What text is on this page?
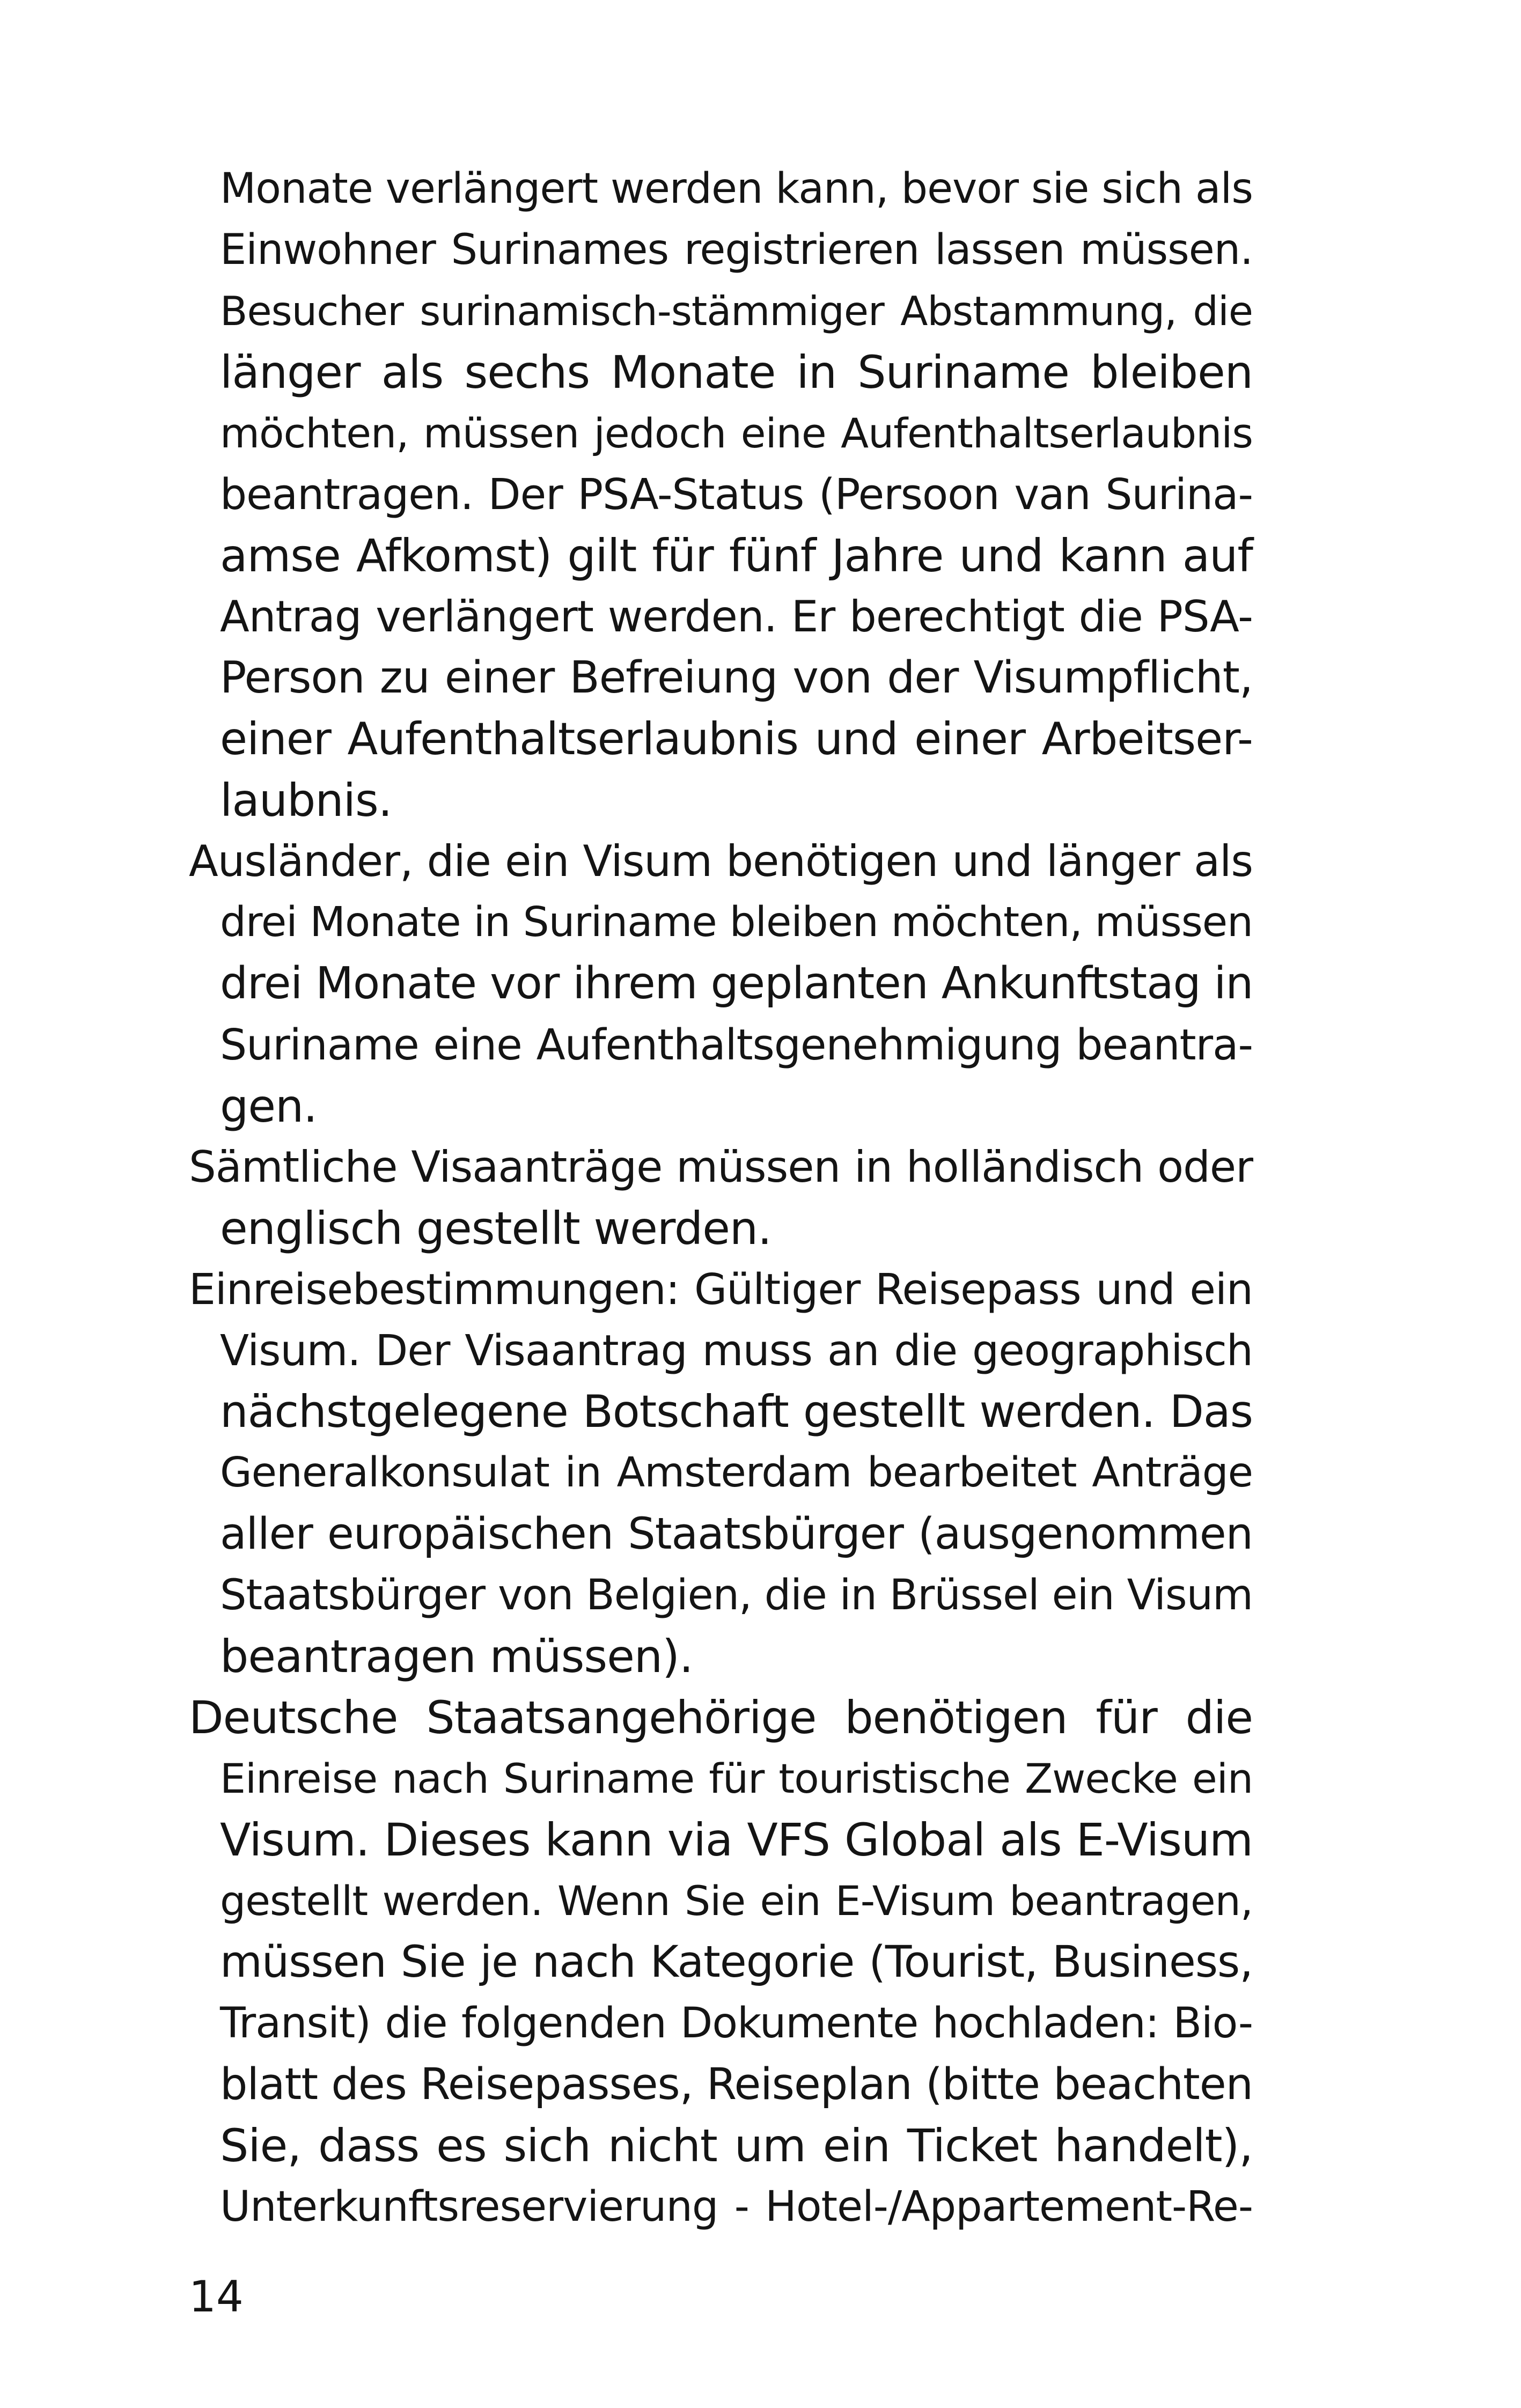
Monate verlängert werden kann, bevor sie sich als
Einwohner Surinames registrieren lassen müssen.
Besucher surinamisch-stämmiger Abstammung, die
länger als sechs Monate in Suriname bleiben
möchten, müssen jedoch eine Aufenthaltserlaubnis
beantragen. Der PSA-Status (Persoon van Surina-
amse Afkomst) gilt für fünf Jahre und kann auf
Antrag verlängert werden. Er berechtigt die PSA-
Person zu einer Befreiung von der Visumpflicht,
einer Aufenthaltserlaubnis und einer Arbeitser-
laubnis.
Ausländer, die ein Visum benötigen und länger als
drei Monate in Suriname bleiben möchten, müssen
drei Monate vor ihrem geplanten Ankunftstag in
Suriname eine Aufenthaltsgenehmigung beantra-
gen.
Sämtliche Visaanträge müssen in holländisch oder
englisch gestellt werden.
Einreisebestimmungen: Gültiger Reisepass und ein
Visum. Der Visaantrag muss an die geographisch
nächstgelegene Botschaft gestellt werden. Das
Generalkonsulat in Amsterdam bearbeitet Anträge
aller europäischen Staatsbürger (ausgenommen
Staatsbürger von Belgien, die in Brüssel ein Visum
beantragen müssen).
Deutsche Staatsangehörige benötigen für die
Einreise nach Suriname für touristische Zwecke ein
Visum. Dieses kann via VFS Global als E-Visum
gestellt werden. Wenn Sie ein E-Visum beantragen,
müssen Sie je nach Kategorie (Tourist, Business,
Transit) die folgenden Dokumente hochladen: Bio-
blatt des Reisepasses, Reiseplan (bitte beachten
Sie, dass es sich nicht um ein Ticket handelt),
Unterkunftsreservierung - Hotel-/Appartement-Re-
14
